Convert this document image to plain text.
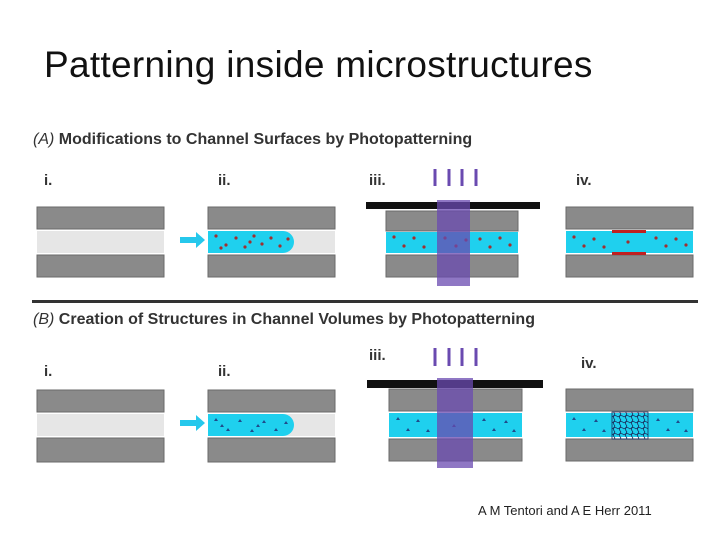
Patterning inside microstructures
(A) Modifications to Channel Surfaces by Photopatterning
(B) Creation of Structures in Channel Volumes by Photopatterning
i.	ii.	iii.	iv.
i.	ii.
iii.	iv.
A M Tentori and A E Herr 2011
